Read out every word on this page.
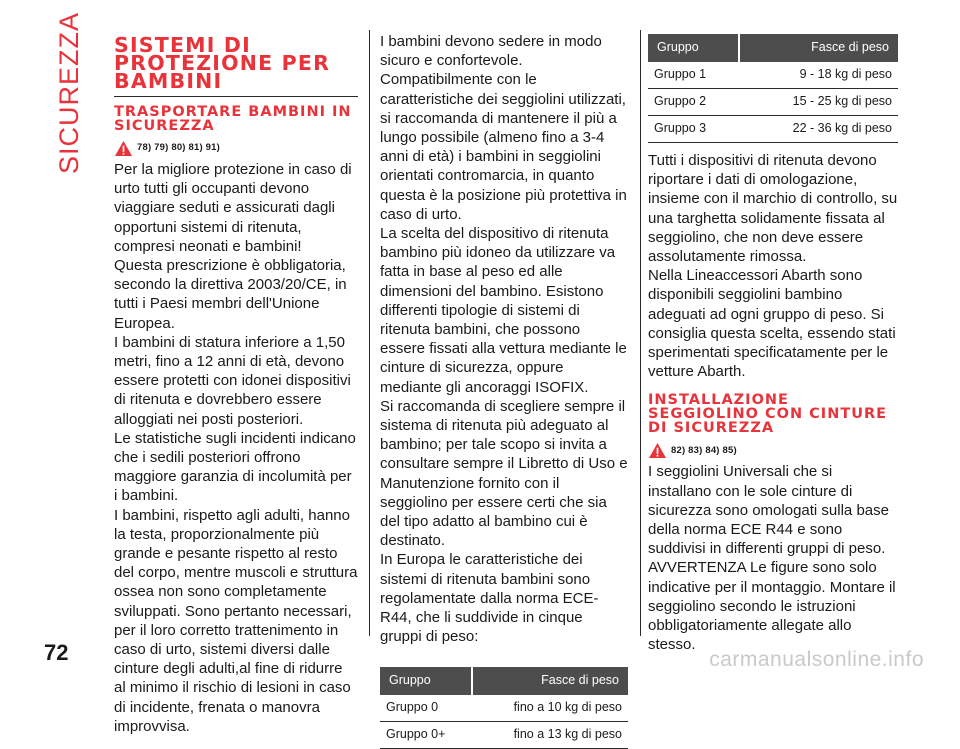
SICUREZZA SISTEMI DI PROTEZIONE PER BAMBINI
TRASPORTARE BAMBINI IN SICUREZZA
78) 79) 80) 81) 91)

Per la migliore protezione in caso di urto tutti gli occupanti devono viaggiare seduti e assicurati dagli opportuni sistemi di ritenuta, compresi neonati e bambini!

Questa prescrizione è obbligatoria, secondo la direttiva 2003/20/CE, in tutti i Paesi membri dell'Unione Europea.

I bambini di statura inferiore a 1,50 metri, fino a 12 anni di età, devono essere protetti con idonei dispositivi di ritenuta e dovrebbero essere alloggiati nei posti posteriori.

Le statistiche sugli incidenti indicano che i sedili posteriori offrono maggiore garanzia di incolumità per i bambini.

I bambini, rispetto agli adulti, hanno la testa, proporzionalmente più grande e pesante rispetto al resto del corpo, mentre muscoli e struttura ossea non sono completamente sviluppati. Sono pertanto necessari, per il loro corretto trattenimento in caso di urto, sistemi diversi dalle cinture degli adulti,al fine di ridurre al minimo il rischio di lesioni in caso di incidente, frenata o manovra improvvisa.

I bambini devono sedere in modo sicuro e confortevole. Compatibilmente con le caratteristiche dei seggiolini utilizzati, si raccomanda di mantenere il più a lungo possibile (almeno fino a 3-4 anni di età) i bambini in seggiolini orientati contromarcia, in quanto questa è la posizione più protettiva in caso di urto.

La scelta del dispositivo di ritenuta bambino più idoneo da utilizzare va fatta in base al peso ed alle dimensioni del bambino. Esistono differenti tipologie di sistemi di ritenuta bambini, che possono essere fissati alla vettura mediante le cinture di sicurezza, oppure mediante gli ancoraggi ISOFIX.

Si raccomanda di scegliere sempre il sistema di ritenuta più adeguato al bambino; per tale scopo si invita a consultare sempre il Libretto di Uso e Manutenzione fornito con il seggiolino per essere certi che sia del tipo adatto al bambino cui è destinato.

In Europa le caratteristiche dei sistemi di ritenuta bambini sono regolamentate dalla norma ECE-R44, che li suddivide in cinque gruppi di peso:

Gruppo	Fasce di peso
Gruppo 0	fino a 10 kg di peso
Gruppo 0+	fino a 13 kg di peso
Gruppo	Fasce di peso
Gruppo 1	9 - 18 kg di peso
Gruppo 2	15 - 25 kg di peso
Gruppo 3	22 - 36 kg di peso

Tutti i dispositivi di ritenuta devono riportare i dati di omologazione, insieme con il marchio di controllo, su una targhetta solidamente fissata al seggiolino, che non deve essere assolutamente rimossa.

Nella Lineaccessori Abarth sono disponibili seggiolini bambino adeguati ad ogni gruppo di peso. Si consiglia questa scelta, essendo stati sperimentati specificatamente per le vetture Abarth.

INSTALLAZIONE SEGGIOLINO CON CINTURE DI SICUREZZA
82) 83) 84) 85)

I seggiolini Universali che si installano con le sole cinture di sicurezza sono omologati sulla base della norma ECE R44 e sono suddivisi in differenti gruppi di peso.

AVVERTENZA Le figure sono solo indicative per il montaggio. Montare il seggiolino secondo le istruzioni obbligatoriamente allegate allo stesso.

72	carmanualsonline.info
